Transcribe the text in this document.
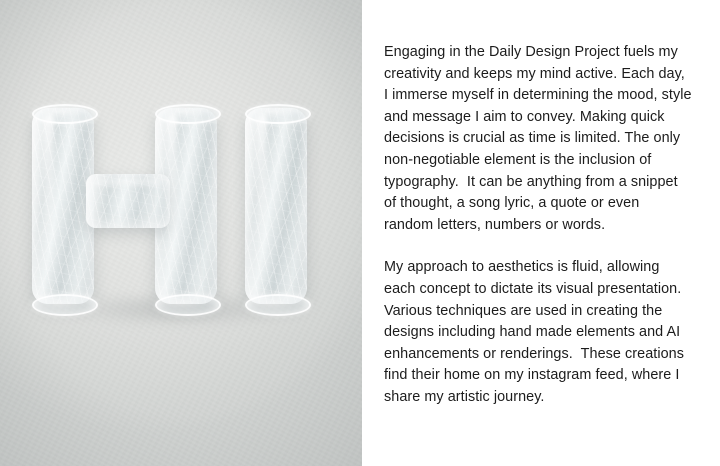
Engaging in the Daily Design Project fuels my creativity and keeps my mind active. Each day, I immerse myself in determining the mood, style and message I aim to convey. Making quick decisions is crucial as time is limited. The only non-negotiable element is the inclusion of typography.  It can be anything from a snippet of thought, a song lyric, a quote or even random letters, numbers or words.

My approach to aesthetics is fluid, allowing each concept to dictate its visual presentation. Various techniques are used in creating the designs including hand made elements and AI enhancements or renderings.  These creations find their home on my instagram feed, where I share my artistic journey.
